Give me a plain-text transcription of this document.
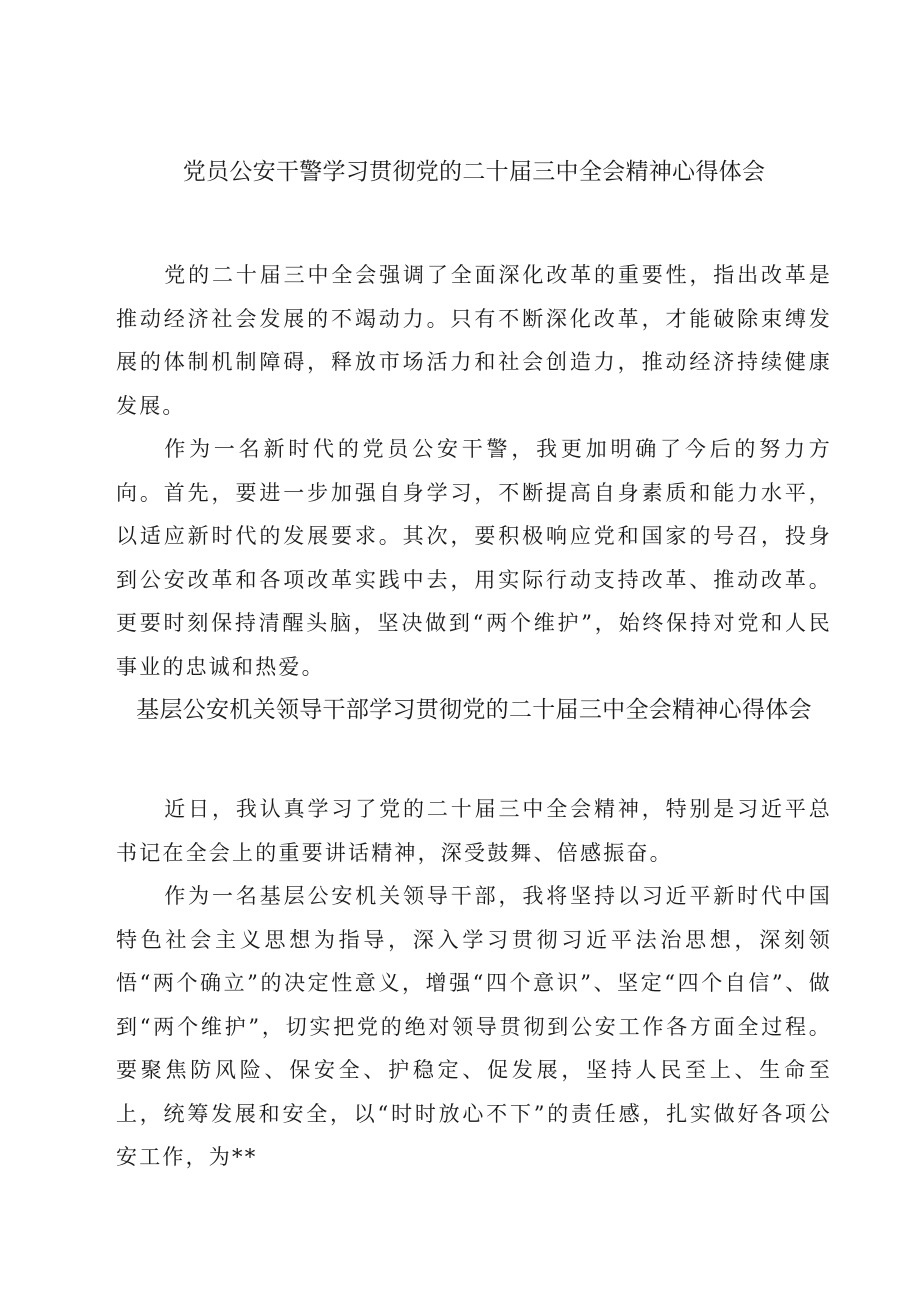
党员公安干警学习贯彻党的二十届三中全会精神心得体会

党的二十届三中全会强调了全面深化改革的重要性，指出改革是推动经济社会发展的不竭动力。只有不断深化改革，才能破除束缚发展的体制机制障碍，释放市场活力和社会创造力，推动经济持续健康发展。

作为一名新时代的党员公安干警，我更加明确了今后的努力方向。首先，要进一步加强自身学习，不断提高自身素质和能力水平，以适应新时代的发展要求。其次，要积极响应党和国家的号召，投身到公安改革和各项改革实践中去，用实际行动支持改革、推动改革。更要时刻保持清醒头脑，坚决做到“两个维护”，始终保持对党和人民事业的忠诚和热爱。

基层公安机关领导干部学习贯彻党的二十届三中全会精神心得体会

近日，我认真学习了党的二十届三中全会精神，特别是习近平总书记在全会上的重要讲话精神，深受鼓舞、倍感振奋。

作为一名基层公安机关领导干部，我将坚持以习近平新时代中国特色社会主义思想为指导，深入学习贯彻习近平法治思想，深刻领悟“两个确立”的决定性意义，增强“四个意识”、坚定“四个自信”、做到“两个维护”，切实把党的绝对领导贯彻到公安工作各方面全过程。要聚焦防风险、保安全、护稳定、促发展，坚持人民至上、生命至上，统筹发展和安全，以“时时放心不下”的责任感，扎实做好各项公安工作，为**
